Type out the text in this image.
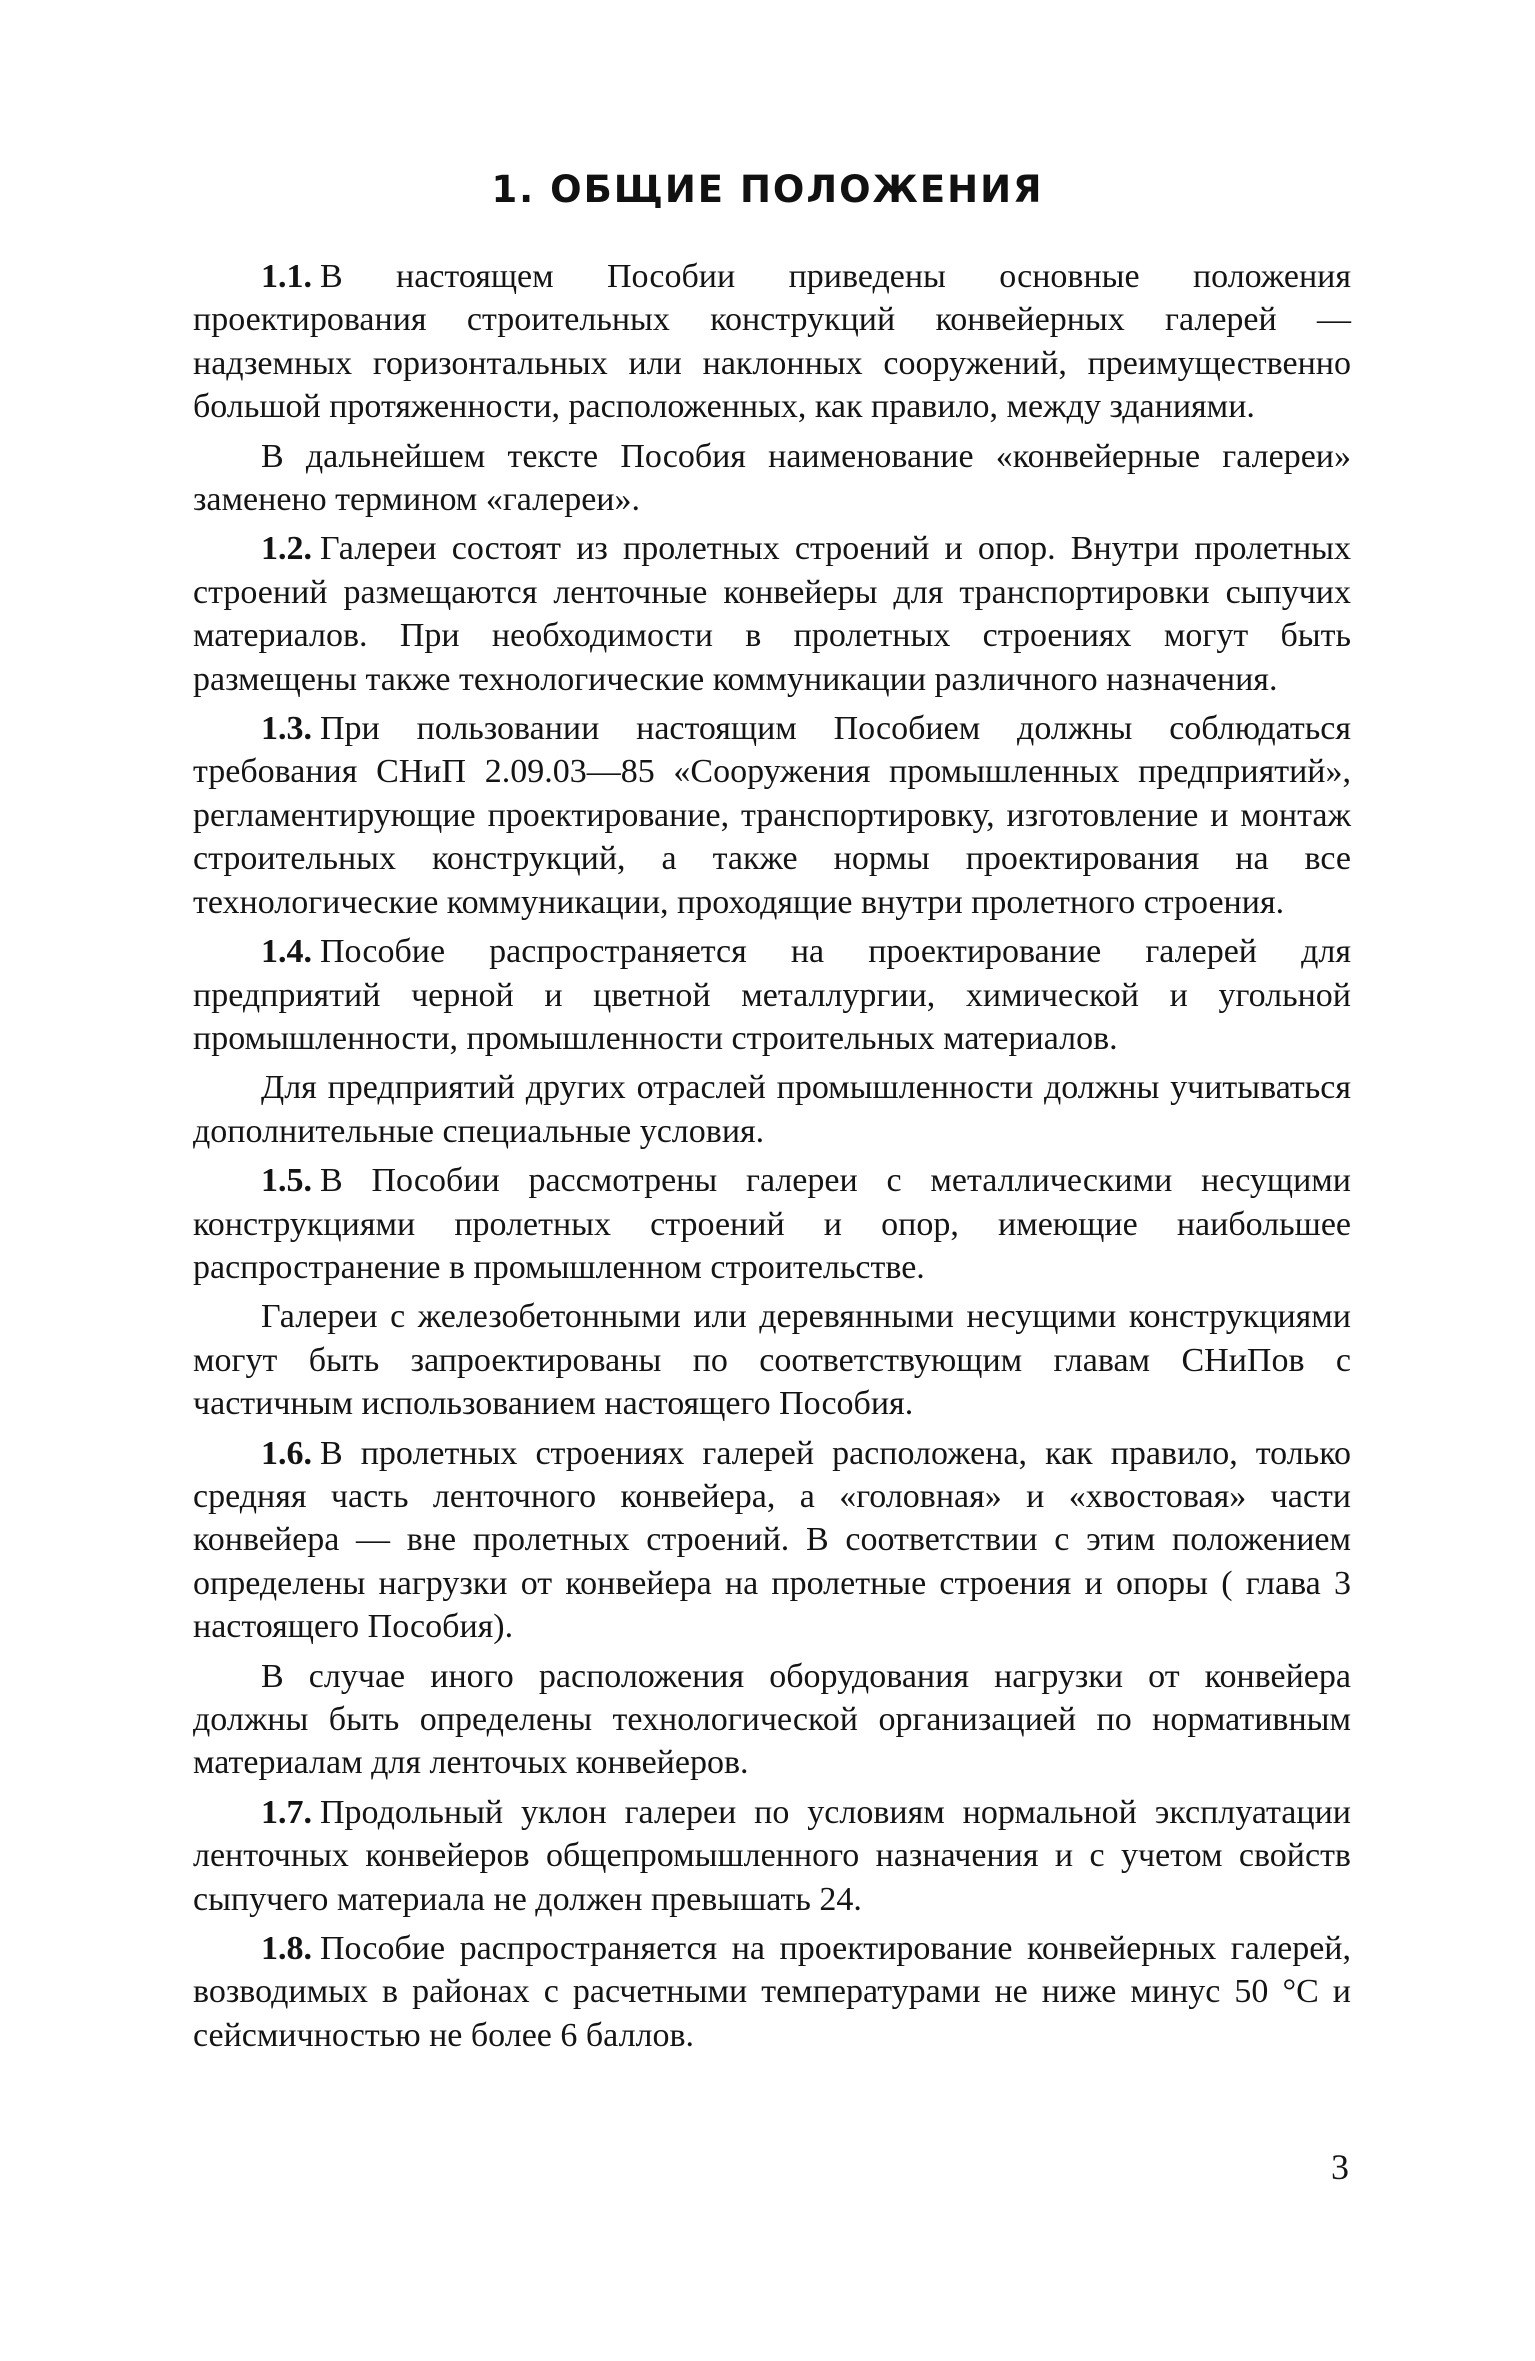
1. ОБЩИЕ ПОЛОЖЕНИЯ

1.1. В настоящем Пособии приведены основные положения проектирования строительных конструкций конвейерных галерей — надземных горизонтальных или наклонных сооружений, преимущественно большой протяженности, расположенных, как правило, между зданиями.

В дальнейшем тексте Пособия наименование «конвейерные галереи» заменено термином «галереи».

1.2. Галереи состоят из пролетных строений и опор. Внутри пролетных строений размещаются ленточные конвейеры для транспортировки сыпучих материалов. При необходимости в пролетных строениях могут быть размещены также технологические коммуникации различного назначения.

1.3. При пользовании настоящим Пособием должны соблюдаться требования СНиП 2.09.03—85 «Сооружения промышленных предприятий», регламентирующие проектирование, транспортировку, изготовление и монтаж строительных конструкций, а также нормы проектирования на все технологические коммуникации, проходящие внутри пролетного строения.

1.4. Пособие распространяется на проектирование галерей для предприятий черной и цветной металлургии, химической и угольной промышленности, промышленности строительных материалов.

Для предприятий других отраслей промышленности должны учитываться дополнительные специальные условия.

1.5. В Пособии рассмотрены галереи с металлическими несущими конструкциями пролетных строений и опор, имеющие наибольшее распространение в промышленном строительстве.

Галереи с железобетонными или деревянными несущими конструкциями могут быть запроектированы по соответствующим главам СНиПов с частичным использованием настоящего Пособия.

1.6. В пролетных строениях галерей расположена, как правило, только средняя часть ленточного конвейера, а «головная» и «хвостовая» части конвейера — вне пролетных строений. В соответствии с этим положением определены нагрузки от конвейера на пролетные строения и опоры ( глава 3 настоящего Пособия).

В случае иного расположения оборудования нагрузки от конвейера должны быть определены технологической организацией по нормативным материалам для ленточых конвейеров.

1.7. Продольный уклон галереи по условиям нормальной эксплуатации ленточных конвейеров общепромышленного назначения и с учетом свойств сыпучего материала не должен превышать 24.

1.8. Пособие распространяется на проектирование конвейерных галерей, возводимых в районах с расчетными температурами не ниже минус 50 °С и сейсмичностью не более 6 баллов.

3
